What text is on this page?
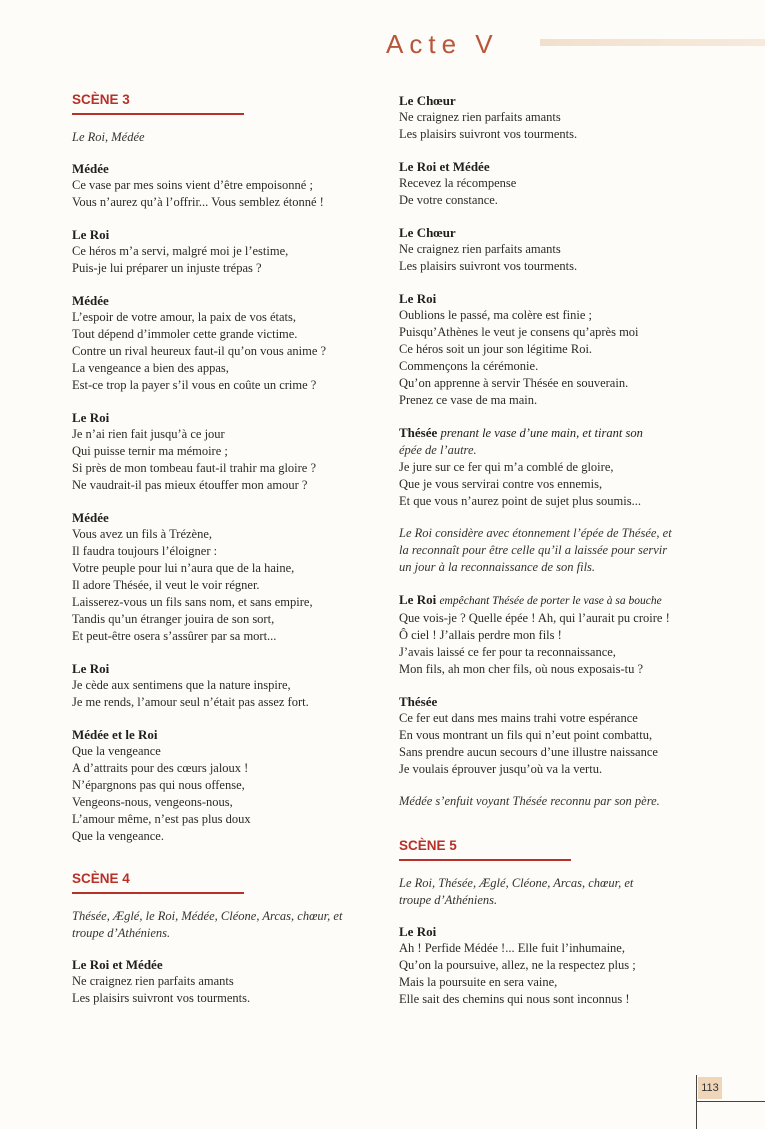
Acte V
SCÈNE 3
Le Roi, Médée
Médée
Ce vase par mes soins vient d’être empoisonné ;
Vous n’aurez qu’à l’offrir... Vous semblez étonné !
Le Roi
Ce héros m’a servi, malgré moi je l’estime,
Puis-je lui préparer un injuste trépas ?
Médée
L’espoir de votre amour, la paix de vos états,
Tout dépend d’immoler cette grande victime.
Contre un rival heureux faut-il qu’on vous anime ?
La vengeance a bien des appas,
Est-ce trop la payer s’il vous en coûte un crime ?
Le Roi
Je n’ai rien fait jusqu’à ce jour
Qui puisse ternir ma mémoire ;
Si près de mon tombeau faut-il trahir ma gloire ?
Ne vaudrait-il pas mieux étouffer mon amour ?
Médée
Vous avez un fils à Trézène,
Il faudra toujours l’éloigner :
Votre peuple pour lui n’aura que de la haine,
Il adore Thésée, il veut le voir régner.
Laisserez-vous un fils sans nom, et sans empire,
Tandis qu’un étranger jouira de son sort,
Et peut-être osera s’assûrer par sa mort...
Le Roi
Je cède aux sentimens que la nature inspire,
Je me rends, l’amour seul n’était pas assez fort.
Médée et le Roi
Que la vengeance
A d’attraits pour des cœurs jaloux !
N’épargnons pas qui nous offense,
Vengeons-nous, vengeons-nous,
L’amour même, n’est pas plus doux
Que la vengeance.
SCÈNE 4
Thésée, Æglé, le Roi, Médée, Cléone, Arcas, chœur, et troupe d’Athéniens.
Le Roi et Médée
Ne craignez rien parfaits amants
Les plaisirs suivront vos tourments.
Le Chœur
Ne craignez rien parfaits amants
Les plaisirs suivront vos tourments.
Le Roi et Médée
Recevez la récompense
De votre constance.
Le Chœur
Ne craignez rien parfaits amants
Les plaisirs suivront vos tourments.
Le Roi
Oublions le passé, ma colère est finie ;
Puisqu’Athènes le veut je consens qu’après moi
Ce héros soit un jour son légitime Roi.
Commençons la cérémonie.
Qu’on apprenne à servir Thésée en souverain.
Prenez ce vase de ma main.
Thésée prenant le vase d’une main, et tirant son
épée de l’autre.
Je jure sur ce fer qui m’a comblé de gloire,
Que je vous servirai contre vos ennemis,
Et que vous n’aurez point de sujet plus soumis...
Le Roi considère avec étonnement l’épée de Thésée, et
la reconnaît pour être celle qu’il a laissée pour servir
un jour à la reconnaissance de son fils.
Le Roi empêchant Thésée de porter le vase à sa bouche
Que vois-je ? Quelle épée ! Ah, qui l’aurait pu croire !
Ô ciel ! J’allais perdre mon fils !
J’avais laissé ce fer pour ta reconnaissance,
Mon fils, ah mon cher fils, où nous exposais-tu ?
Thésée
Ce fer eut dans mes mains trahi votre espérance
En vous montrant un fils qui n’eut point combattu,
Sans prendre aucun secours d’une illustre naissance
Je voulais éprouver jusqu’où va la vertu.
Médée s’enfuit voyant Thésée reconnu par son père.
SCÈNE 5
Le Roi, Thésée, Æglé, Cléone, Arcas, chœur, et
troupe d’Athéniens.
Le Roi
Ah ! Perfide Médée !... Elle fuit l’inhumaine,
Qu’on la poursuive, allez, ne la respectez plus ;
Mais la poursuite en sera vaine,
Elle sait des chemins qui nous sont inconnus !
113
